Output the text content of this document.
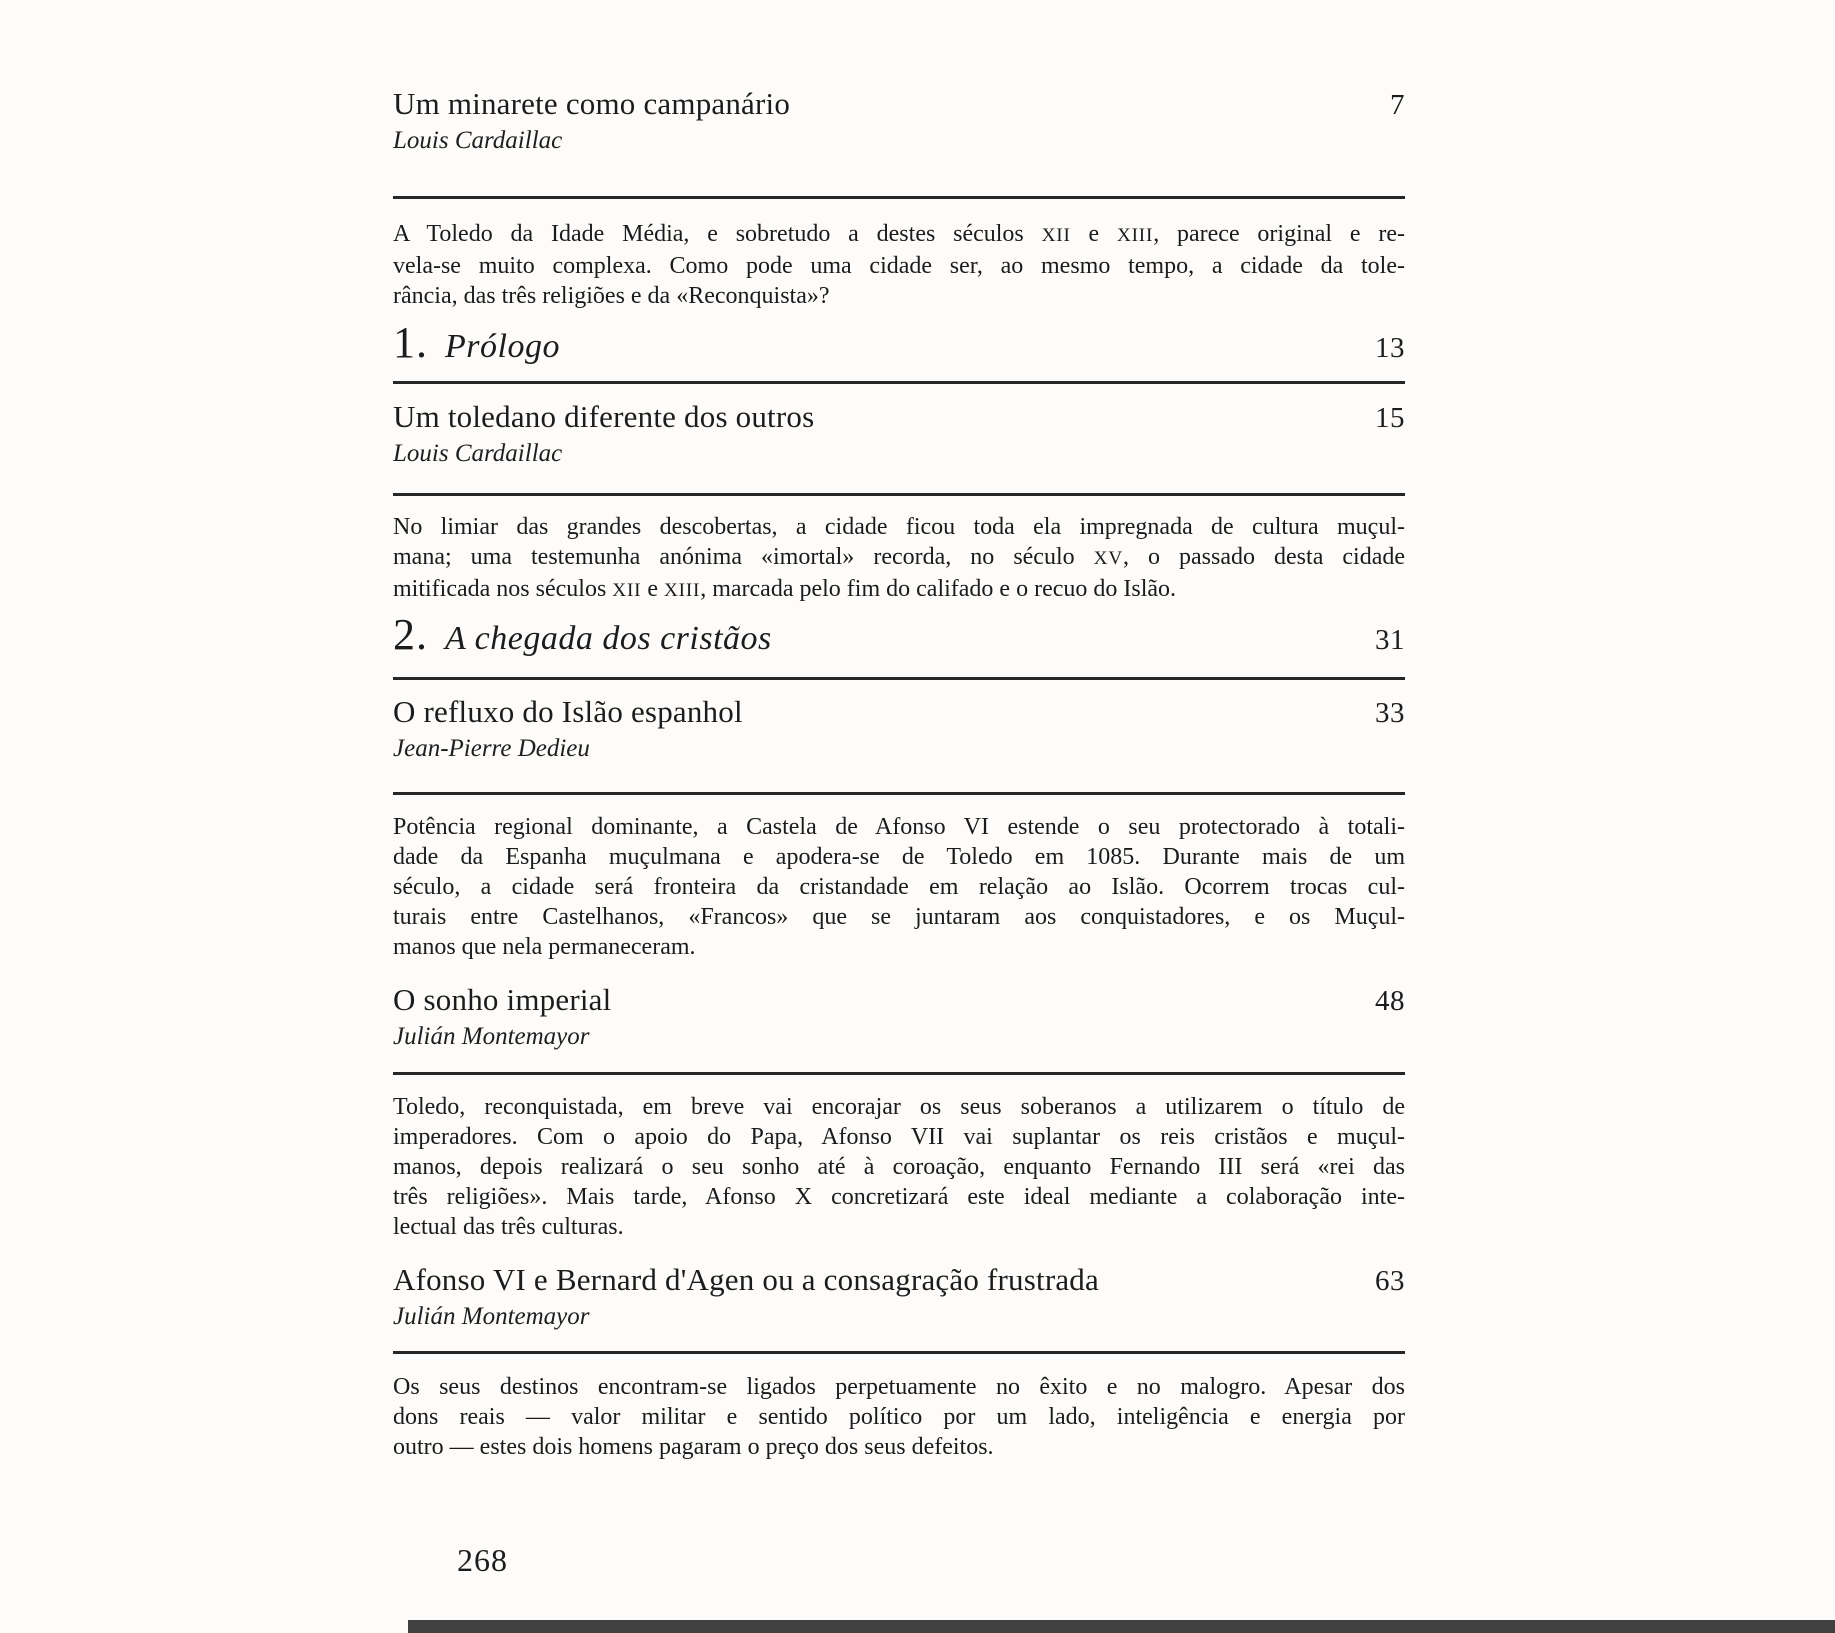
Um minarete como campanário	7
Louis Cardaillac
A Toledo da Idade Média, e sobretudo a destes séculos XII e XIII, parece original e re-
vela-se muito complexa. Como pode uma cidade ser, ao mesmo tempo, a cidade da tole-
rância, das três religiões e da «Reconquista»?
1. Prólogo	13
Um toledano diferente dos outros	15
Louis Cardaillac
No limiar das grandes descobertas, a cidade ficou toda ela impregnada de cultura muçul-
mana; uma testemunha anónima «imortal» recorda, no século XV, o passado desta cidade
mitificada nos séculos XII e XIII, marcada pelo fim do califado e o recuo do Islão.
2. A chegada dos cristãos	31
O refluxo do Islão espanhol	33
Jean-Pierre Dedieu
Potência regional dominante, a Castela de Afonso VI estende o seu protectorado à totali-
dade da Espanha muçulmana e apodera-se de Toledo em 1085. Durante mais de um
século, a cidade será fronteira da cristandade em relação ao Islão. Ocorrem trocas cul-
turais entre Castelhanos, «Francos» que se juntaram aos conquistadores, e os Muçul-
manos que nela permaneceram.
O sonho imperial	48
Julián Montemayor
Toledo, reconquistada, em breve vai encorajar os seus soberanos a utilizarem o título de
imperadores. Com o apoio do Papa, Afonso VII vai suplantar os reis cristãos e muçul-
manos, depois realizará o seu sonho até à coroação, enquanto Fernando III será «rei das
três religiões». Mais tarde, Afonso X concretizará este ideal mediante a colaboração inte-
lectual das três culturas.
Afonso VI e Bernard d'Agen ou a consagração frustrada	63
Julián Montemayor
Os seus destinos encontram-se ligados perpetuamente no êxito e no malogro. Apesar dos
dons reais — valor militar e sentido político por um lado, inteligência e energia por
outro — estes dois homens pagaram o preço dos seus defeitos.
268
